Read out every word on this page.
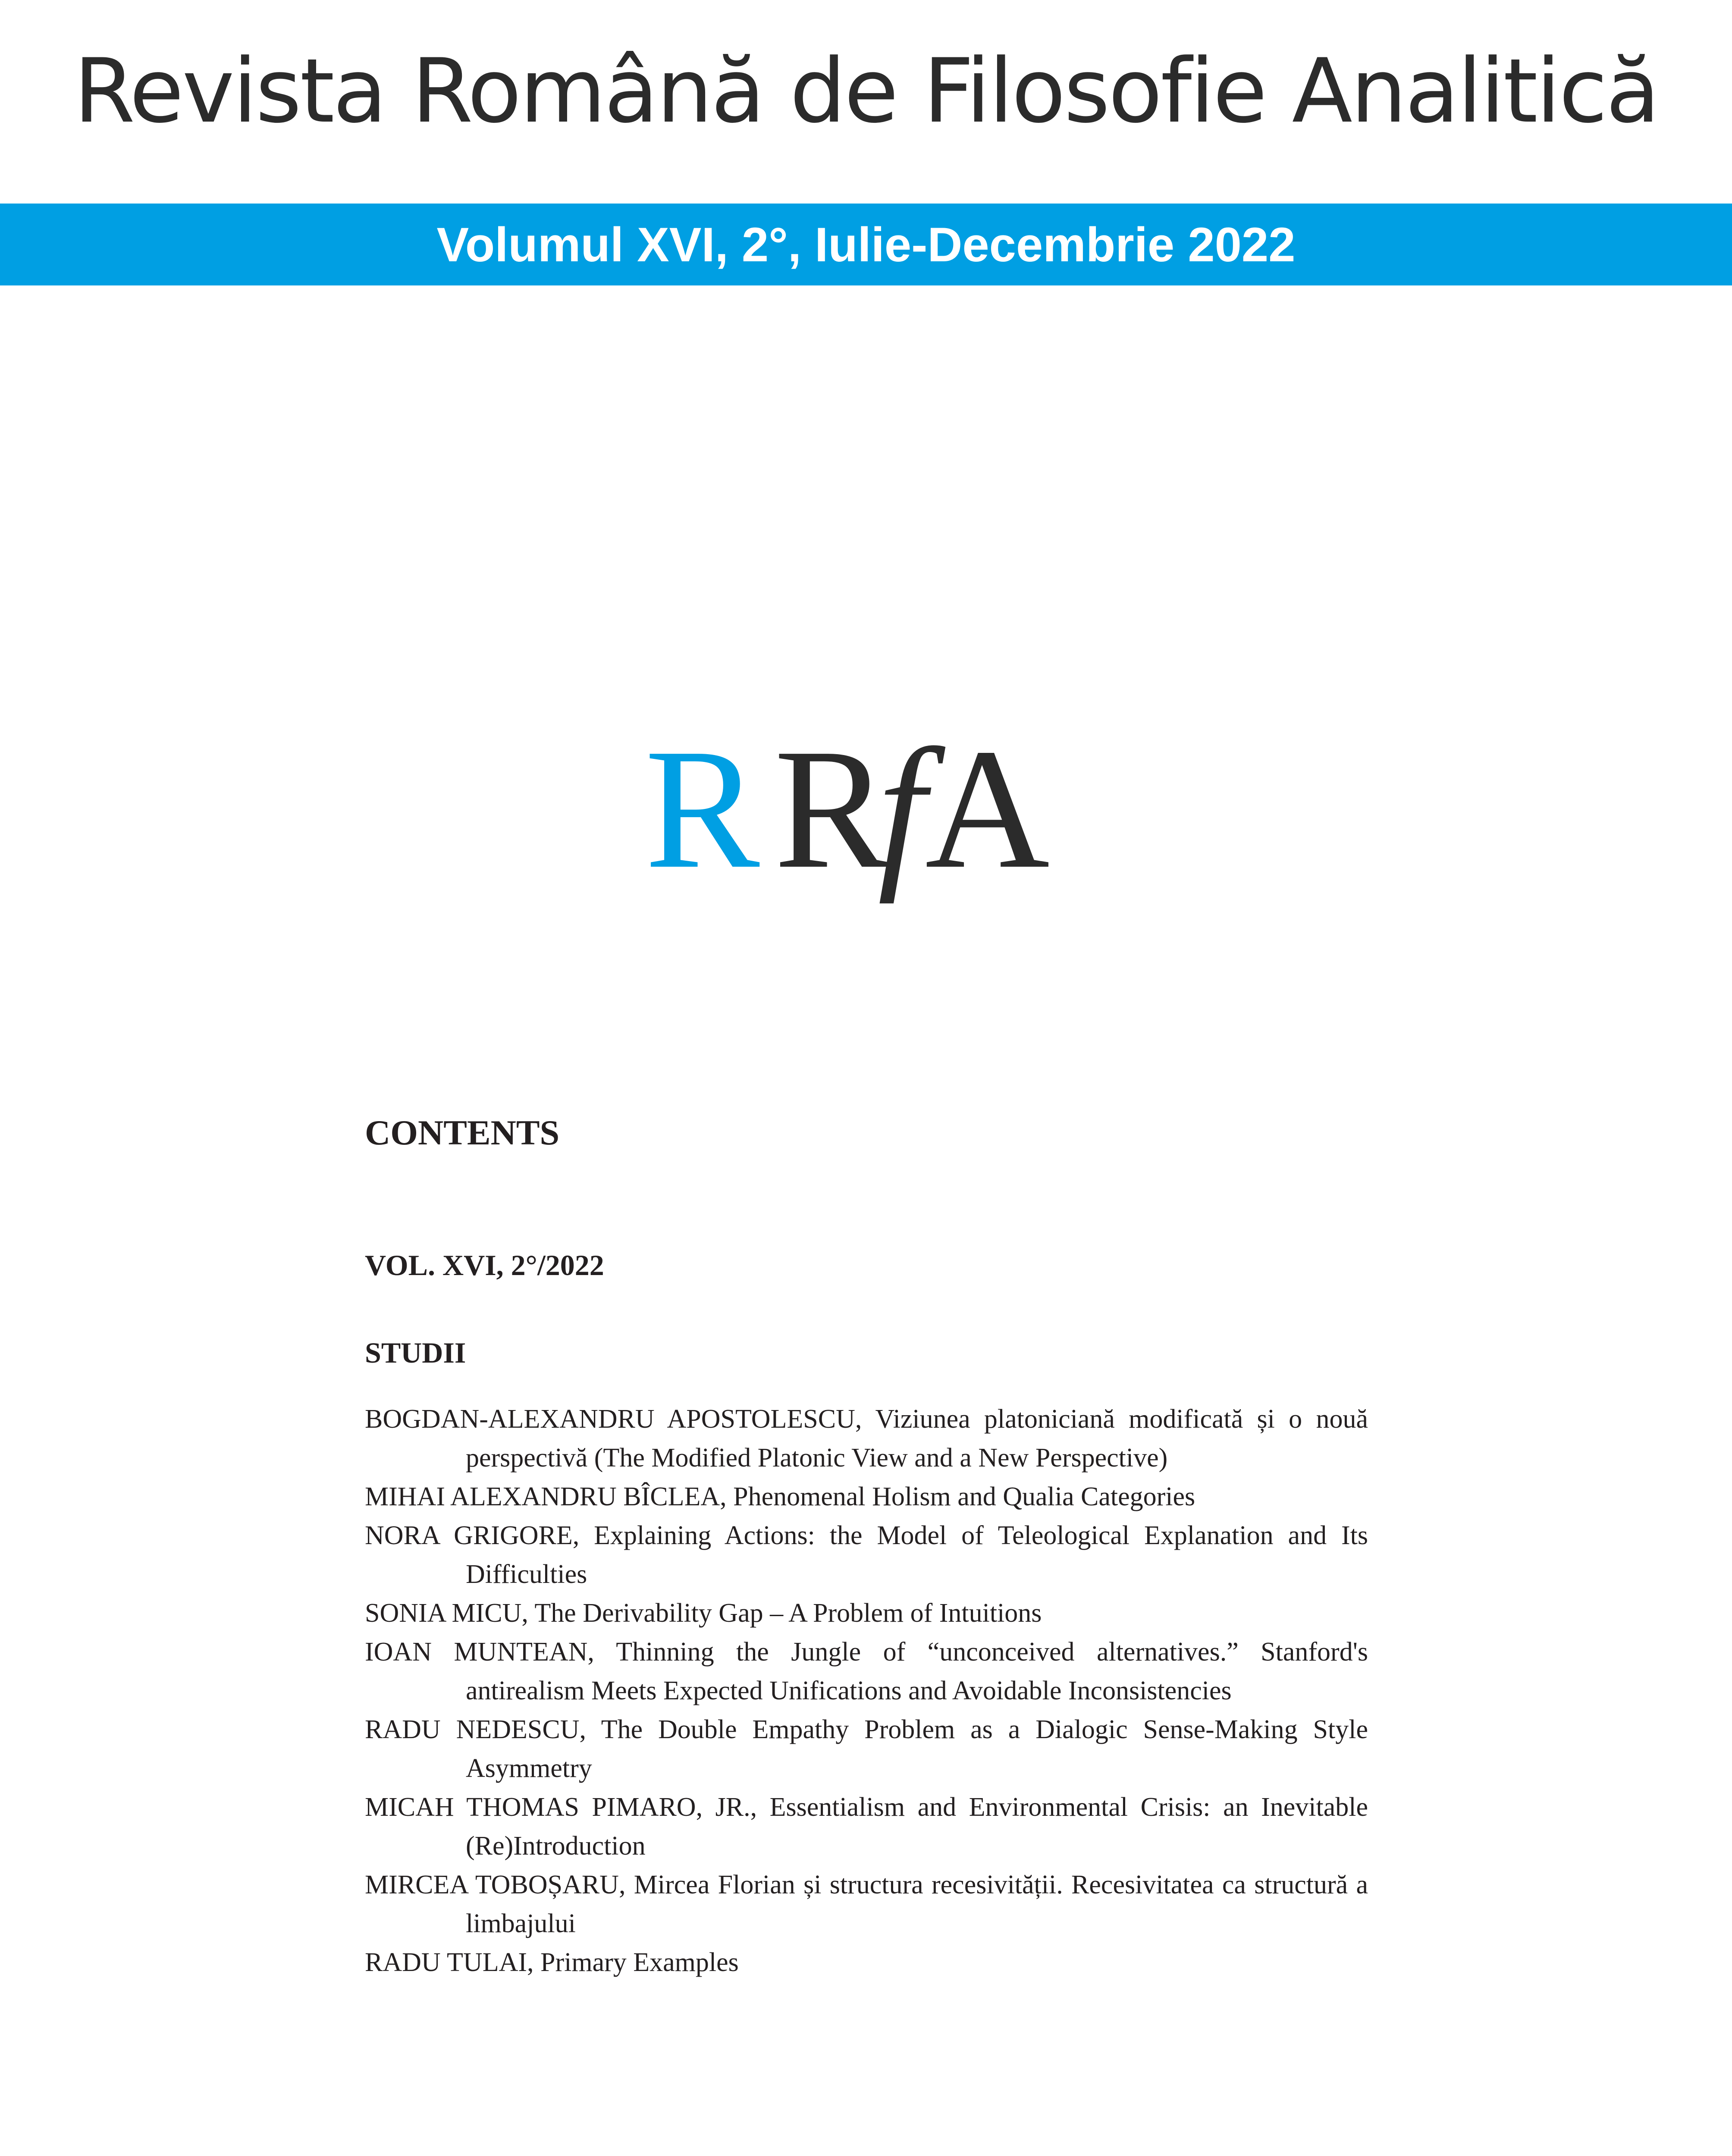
Revista Română de Filosofie Analitică
Volumul XVI, 2°, Iulie-Decembrie 2022
R R
f
A
CONTENTS
VOL. XVI, 2°/2022
STUDII
BOGDAN-ALEXANDRU APOSTOLESCU, Viziunea platoniciană modificată și o nouă perspectivă (The Modified Platonic View and a New Perspective)
MIHAI ALEXANDRU BÎCLEA, Phenomenal Holism and Qualia Categories
NORA GRIGORE, Explaining Actions: the Model of Teleological Explanation and Its Difficulties
SONIA MICU, The Derivability Gap – A Problem of Intuitions
IOAN MUNTEAN, Thinning the Jungle of “unconceived alternatives.” Stanford's antirealism Meets Expected Unifications and Avoidable Inconsistencies
RADU NEDESCU, The Double Empathy Problem as a Dialogic Sense-Making Style Asymmetry
MICAH THOMAS PIMARO, JR., Essentialism and Environmental Crisis: an Inevitable (Re)Introduction
MIRCEA TOBOȘARU, Mircea Florian și structura recesivității. Recesivitatea ca structură a limbajului
RADU TULAI, Primary Examples
